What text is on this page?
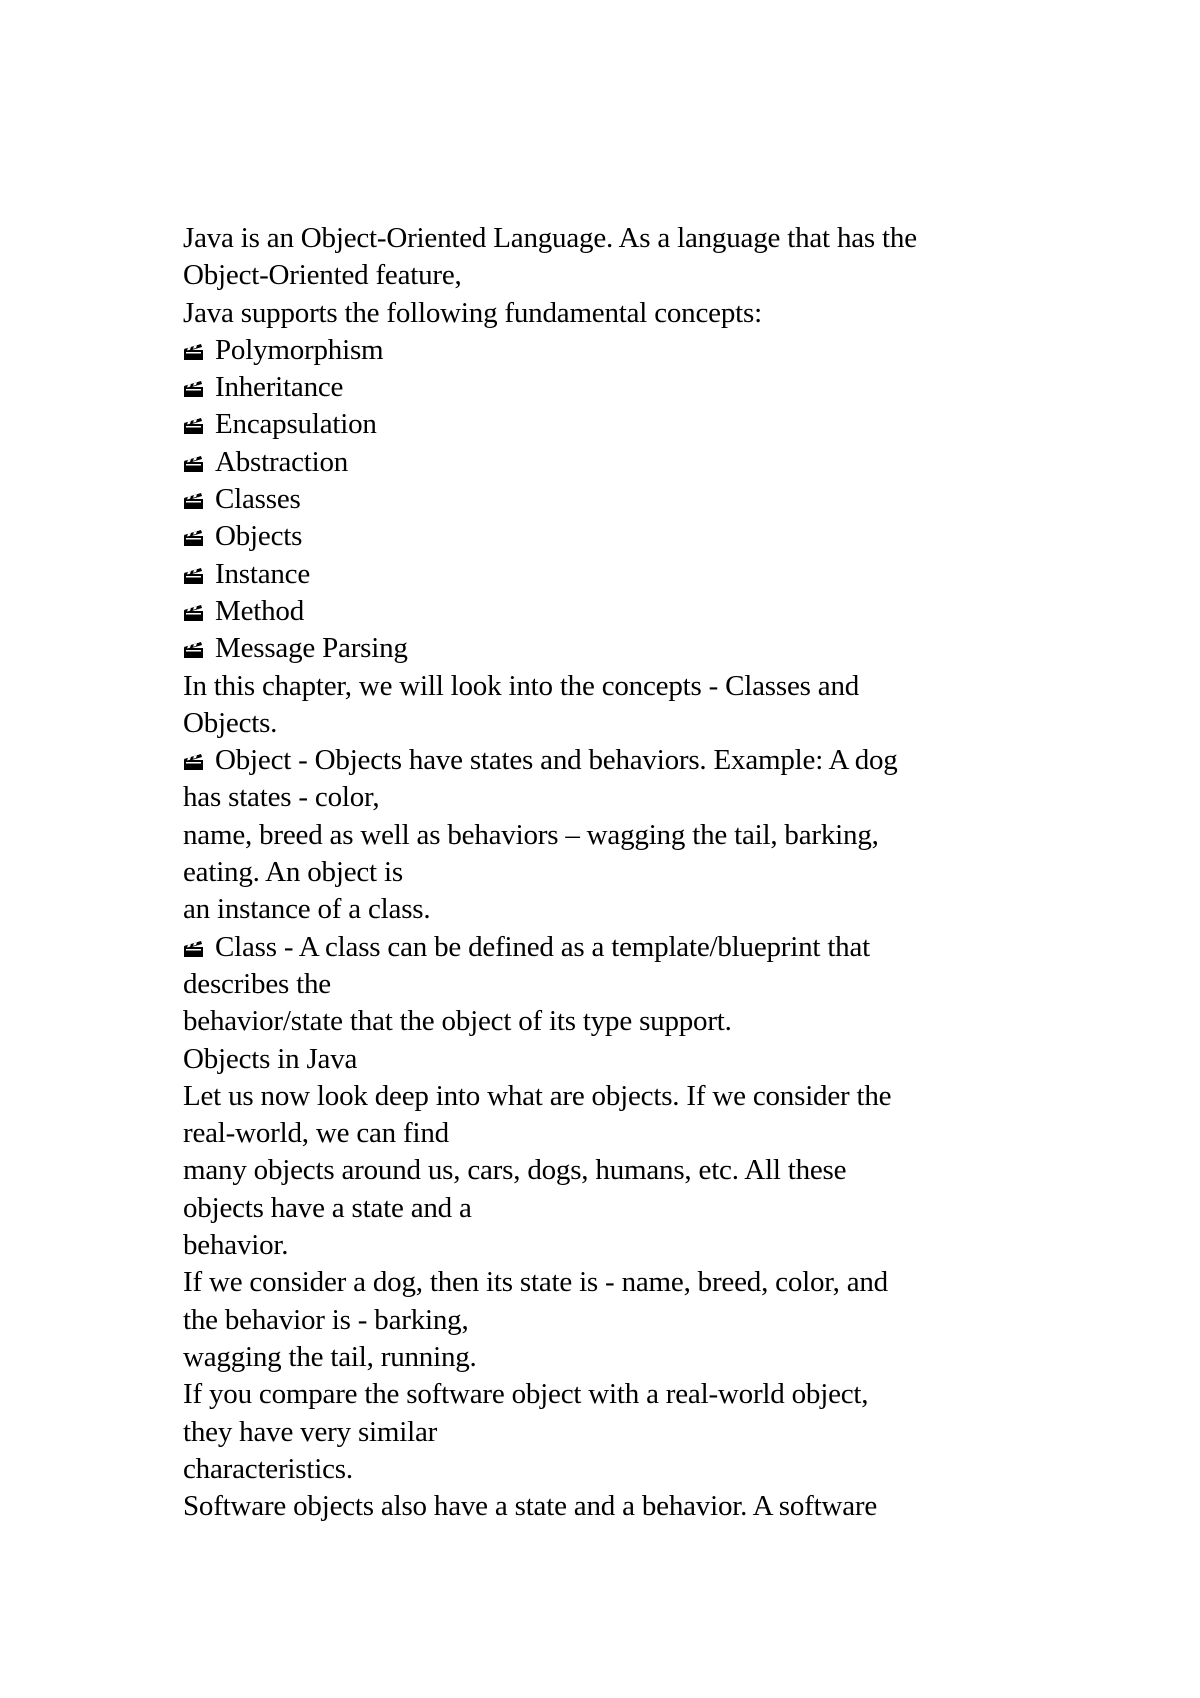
Java is an Object-Oriented Language. As a language that has the
Object-Oriented feature,
Java supports the following fundamental concepts:
Polymorphism
Inheritance
Encapsulation
Abstraction
Classes
Objects
Instance
Method
Message Parsing
In this chapter, we will look into the concepts - Classes and
Objects.
Object - Objects have states and behaviors. Example: A dog
has states - color,
name, breed as well as behaviors – wagging the tail, barking,
eating. An object is
an instance of a class.
Class - A class can be defined as a template/blueprint that
describes the
behavior/state that the object of its type support.
Objects in Java
Let us now look deep into what are objects. If we consider the
real-world, we can find
many objects around us, cars, dogs, humans, etc. All these
objects have a state and a
behavior.
If we consider a dog, then its state is - name, breed, color, and
the behavior is - barking,
wagging the tail, running.
If you compare the software object with a real-world object,
they have very similar
characteristics.
Software objects also have a state and a behavior. A software
